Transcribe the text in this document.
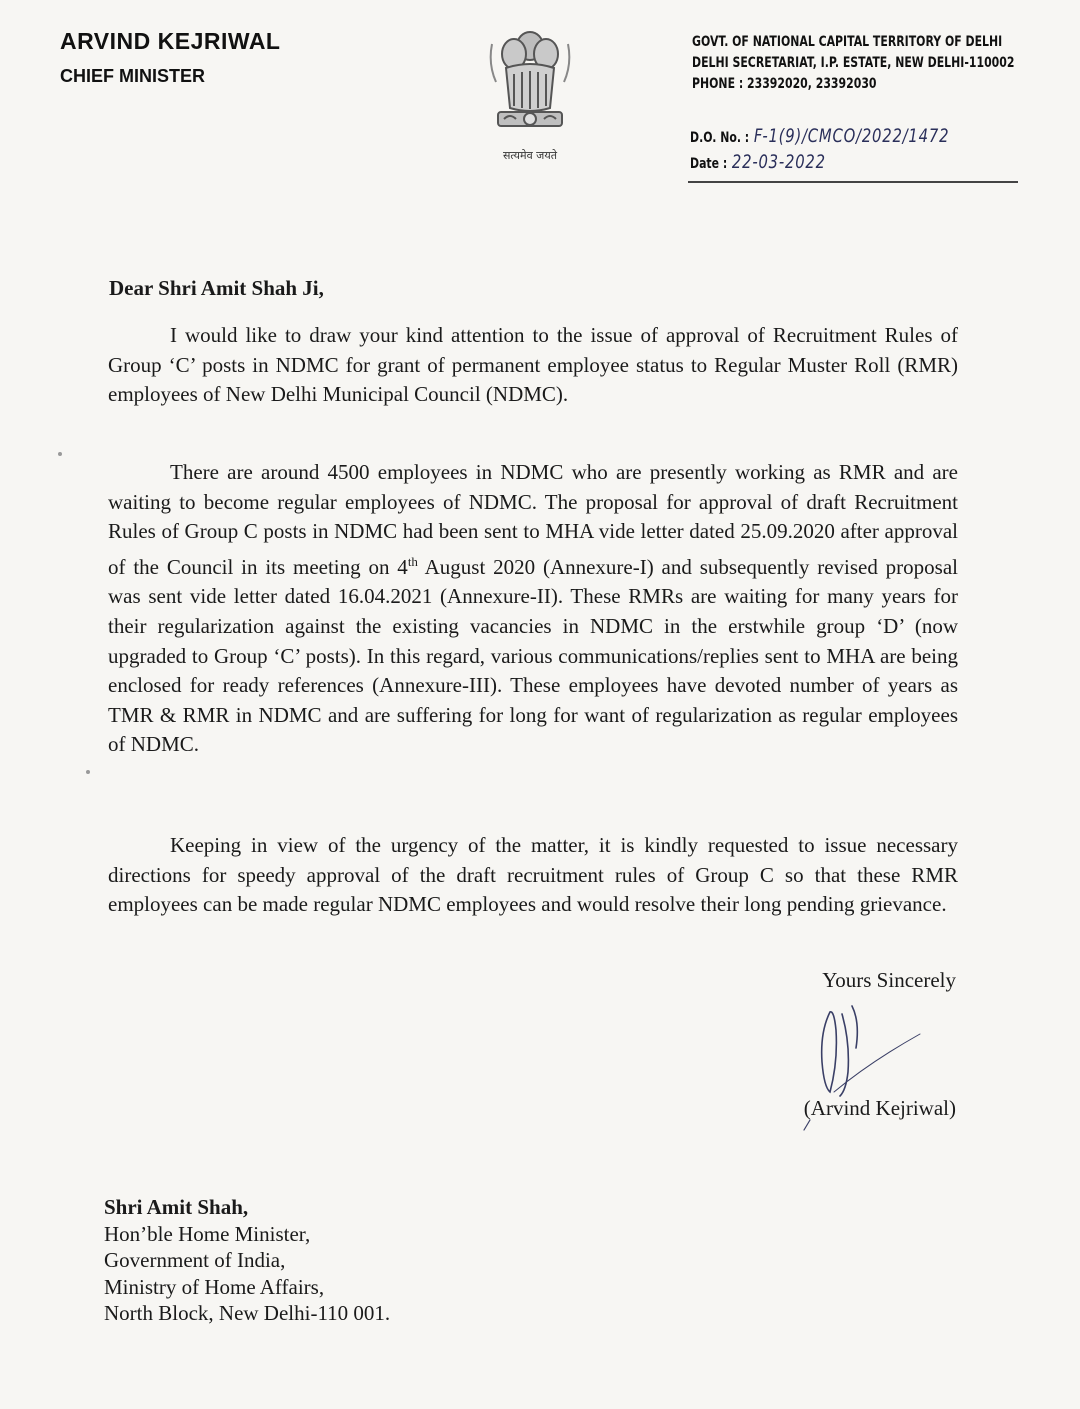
ARVIND KEJRIWAL
CHIEF MINISTER
सत्यमेव जयते
GOVT. OF NATIONAL CAPITAL TERRITORY OF DELHI
DELHI SECRETARIAT, I.P. ESTATE, NEW DELHI-110002
PHONE : 23392020, 23392030
D.O. No. : F-1(9)/CMCO/2022/1472
Date : 22-03-2022
Dear Shri Amit Shah Ji,

I would like to draw your kind attention to the issue of approval of Recruitment Rules of Group ‘C’ posts in NDMC for grant of permanent employee status to Regular Muster Roll (RMR) employees of New Delhi Municipal Council (NDMC).

There are around 4500 employees in NDMC who are presently working as RMR and are waiting to become regular employees of NDMC. The proposal for approval of draft Recruitment Rules of Group C posts in NDMC had been sent to MHA vide letter dated 25.09.2020 after approval of the Council in its meeting on 4th August 2020 (Annexure-I) and subsequently revised proposal was sent vide letter dated 16.04.2021 (Annexure-II). These RMRs are waiting for many years for their regularization against the existing vacancies in NDMC in the erstwhile group ‘D’ (now upgraded to Group ‘C’ posts). In this regard, various communications/replies sent to MHA are being enclosed for ready references (Annexure-III). These employees have devoted number of years as TMR & RMR in NDMC and are suffering for long for want of regularization as regular employees of NDMC.

Keeping in view of the urgency of the matter, it is kindly requested to issue necessary directions for speedy approval of the draft recruitment rules of Group C so that these RMR employees can be made regular NDMC employees and would resolve their long pending grievance.

Yours Sincerely
(Arvind Kejriwal)
Shri Amit Shah,
Hon’ble Home Minister,
Government of India,
Ministry of Home Affairs,
North Block, New Delhi-110 001.
